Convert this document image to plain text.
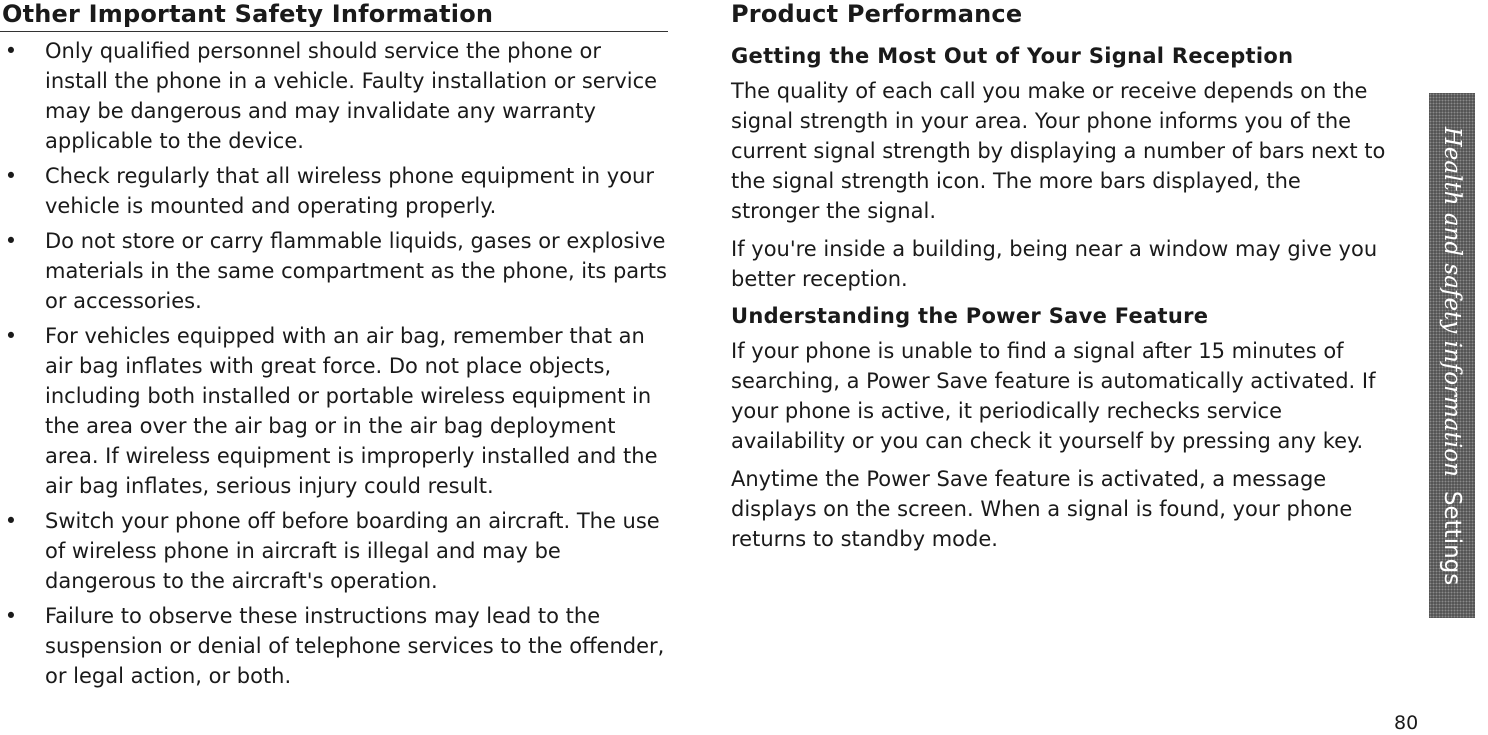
Other Important Safety Information
• Only qualified personnel should service the phone or install the phone in a vehicle. Faulty installation or service may be dangerous and may invalidate any warranty applicable to the device.
• Check regularly that all wireless phone equipment in your vehicle is mounted and operating properly.
• Do not store or carry flammable liquids, gases or explosive materials in the same compartment as the phone, its parts or accessories.
• For vehicles equipped with an air bag, remember that an air bag inflates with great force. Do not place objects, including both installed or portable wireless equipment in the area over the air bag or in the air bag deployment area. If wireless equipment is improperly installed and the air bag inflates, serious injury could result.
• Switch your phone off before boarding an aircraft. The use of wireless phone in aircraft is illegal and may be dangerous to the aircraft's operation.
• Failure to observe these instructions may lead to the suspension or denial of telephone services to the offender, or legal action, or both.
Product Performance
Getting the Most Out of Your Signal Reception

The quality of each call you make or receive depends on the signal strength in your area. Your phone informs you of the current signal strength by displaying a number of bars next to the signal strength icon. The more bars displayed, the stronger the signal.

If you're inside a building, being near a window may give you better reception.

Understanding the Power Save Feature

If your phone is unable to find a signal after 15 minutes of searching, a Power Save feature is automatically activated. If your phone is active, it periodically rechecks service availability or you can check it yourself by pressing any key.

Anytime the Power Save feature is activated, a message displays on the screen. When a signal is found, your phone returns to standby mode.

Health and safety informationSettings
80
